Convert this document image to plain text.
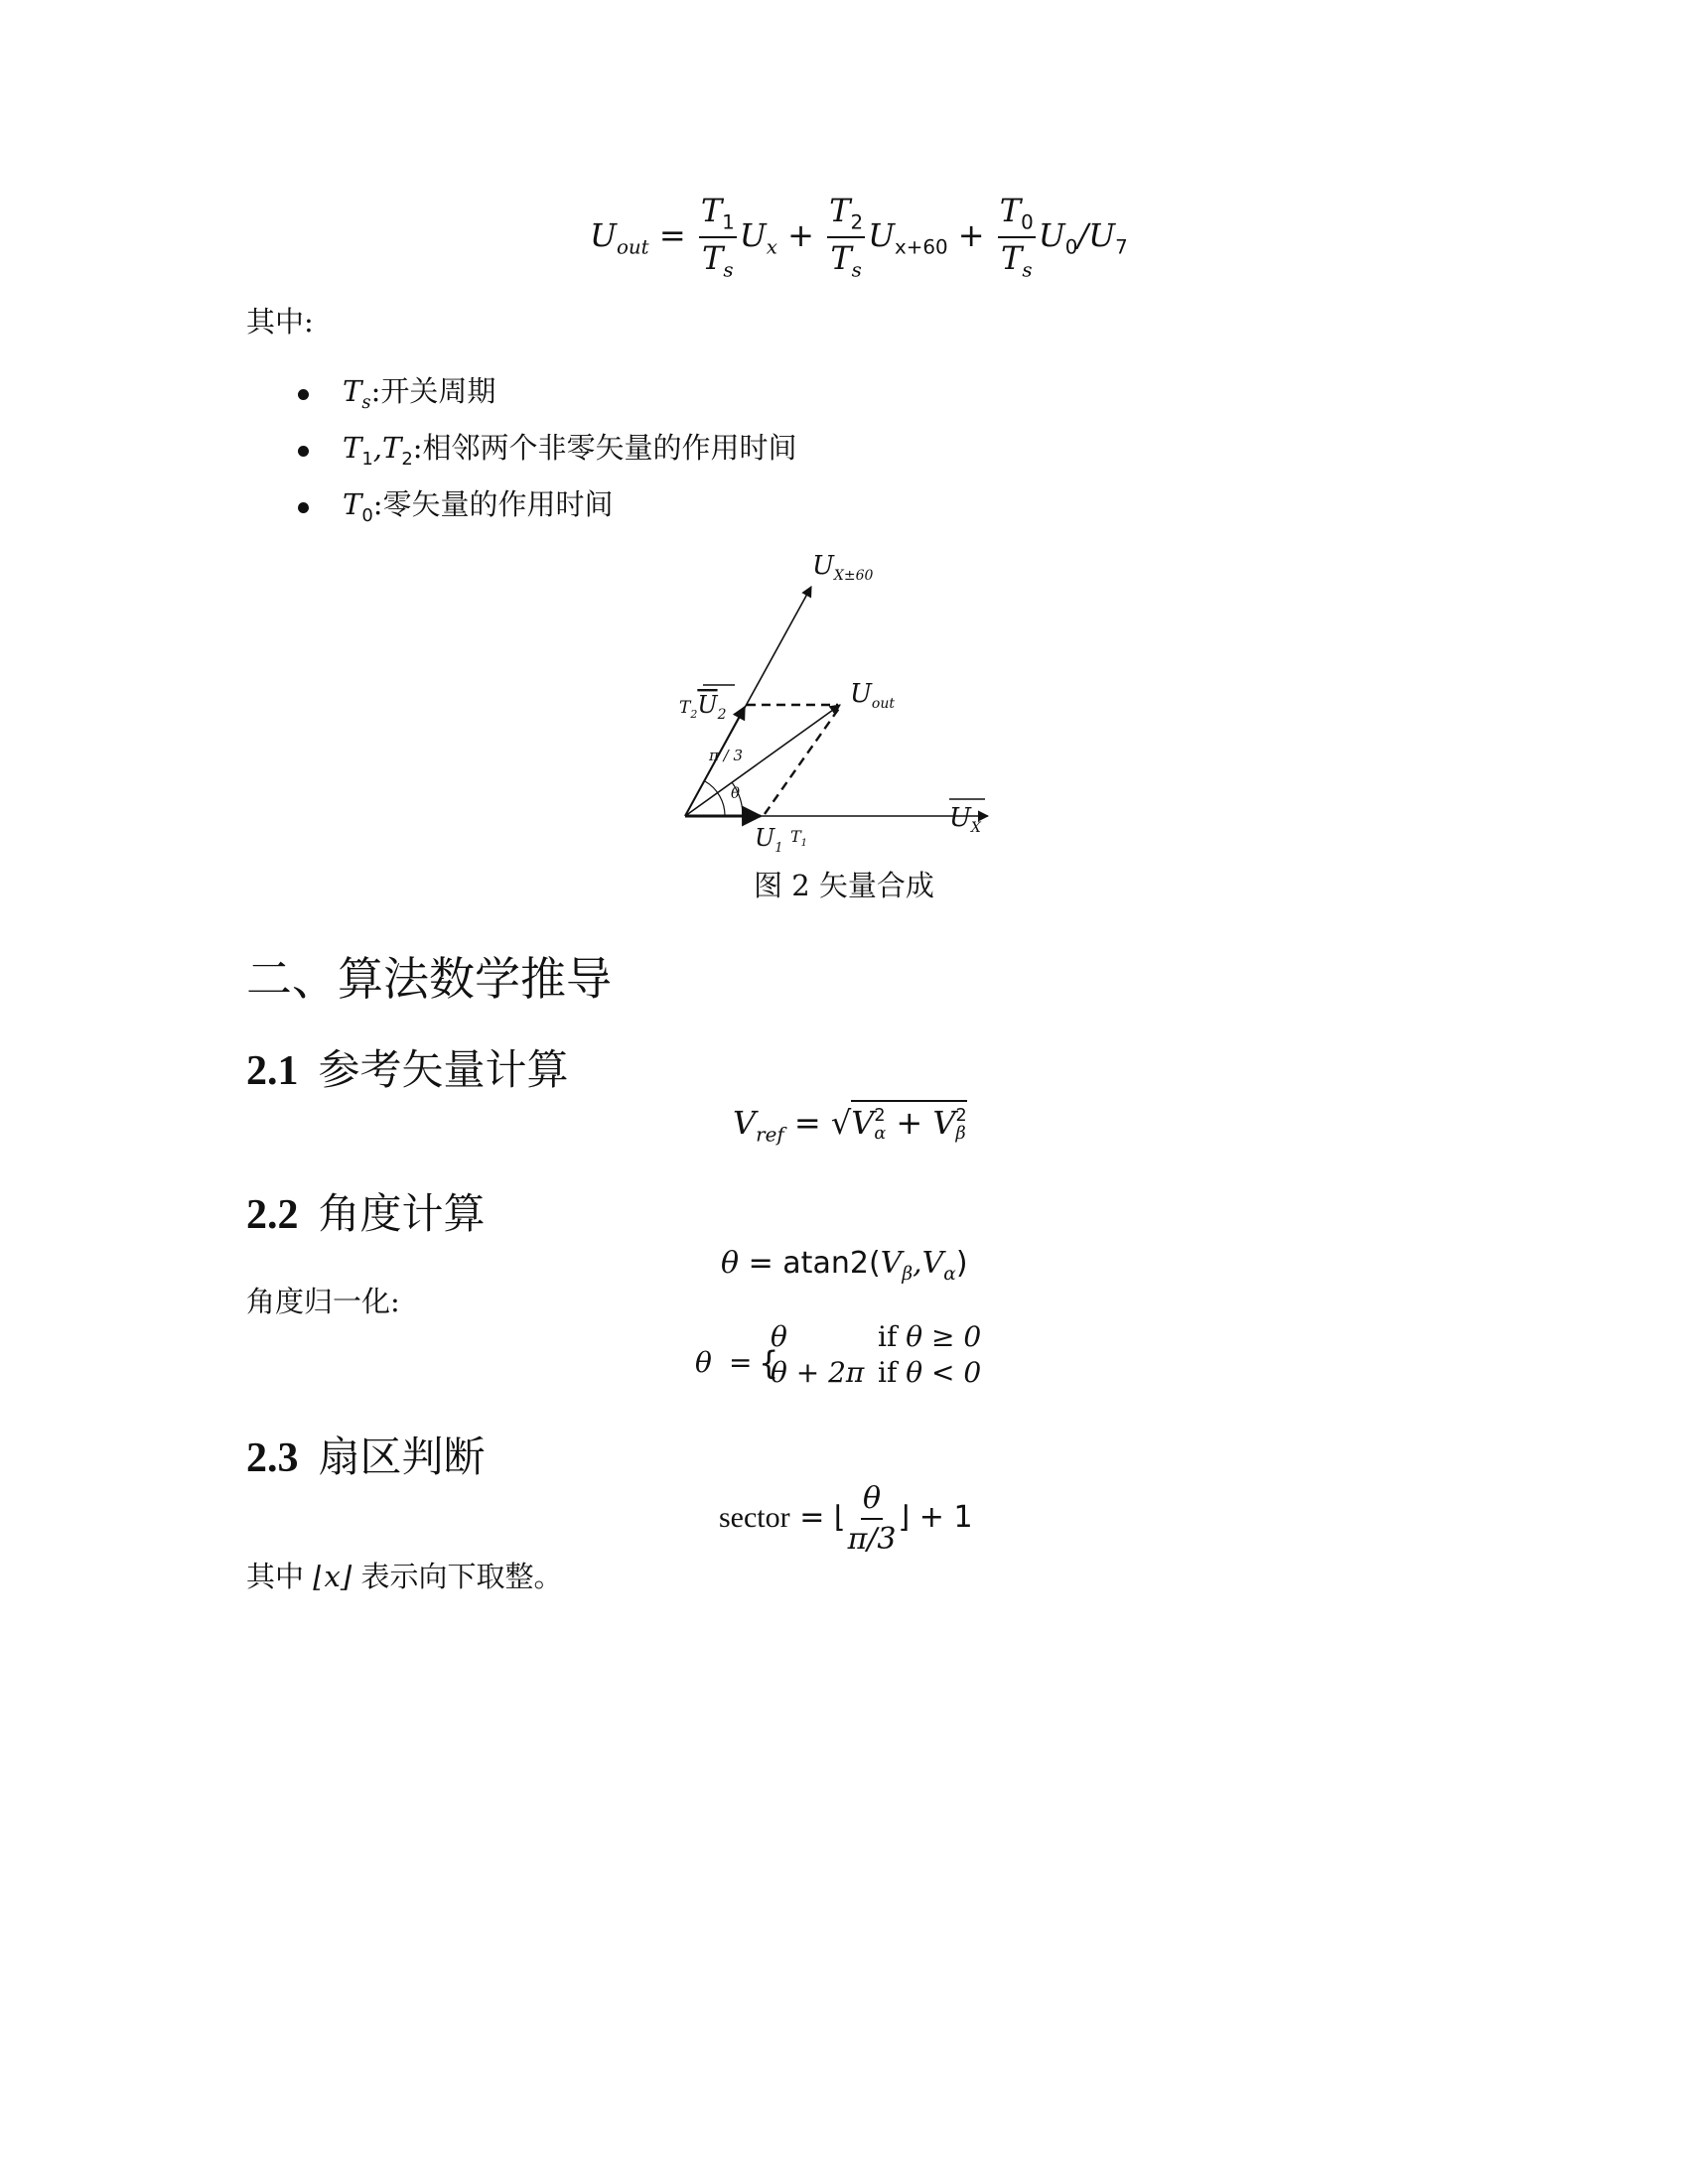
$U_{out} = \frac{T_1}{T_s} U_x + \frac{T_2}{T_s} U_{x+60} + \frac{T_0}{T_s} U_0/U_7$
其中:
$T_s$:开关周期
$T_1,T_2$:相邻两个非零矢量的作用时间
$T_0$:零矢量的作用时间
$U_{X\pm 60}$
$T_2U_2$
$U_{out}$
π / 3
θ
$U_1$
$T_1$
$U_X$
图 2 矢量合成
二、算法数学推导
2.1 参考矢量计算
$V_{ref} = √V$ 2
α + V 2
β
2.2 角度计算
$\theta = atan2(V_\beta,V_\alpha)$
角度归一化:
θ = {
θ	if θ ≥ 0
θ + 2π if θ < 0
2.3 扇区判断
sector = ⌊ $\frac{\theta}{\pi/3}$ ⌋ + 1
其中 ⌊x⌋ 表示向下取整。
